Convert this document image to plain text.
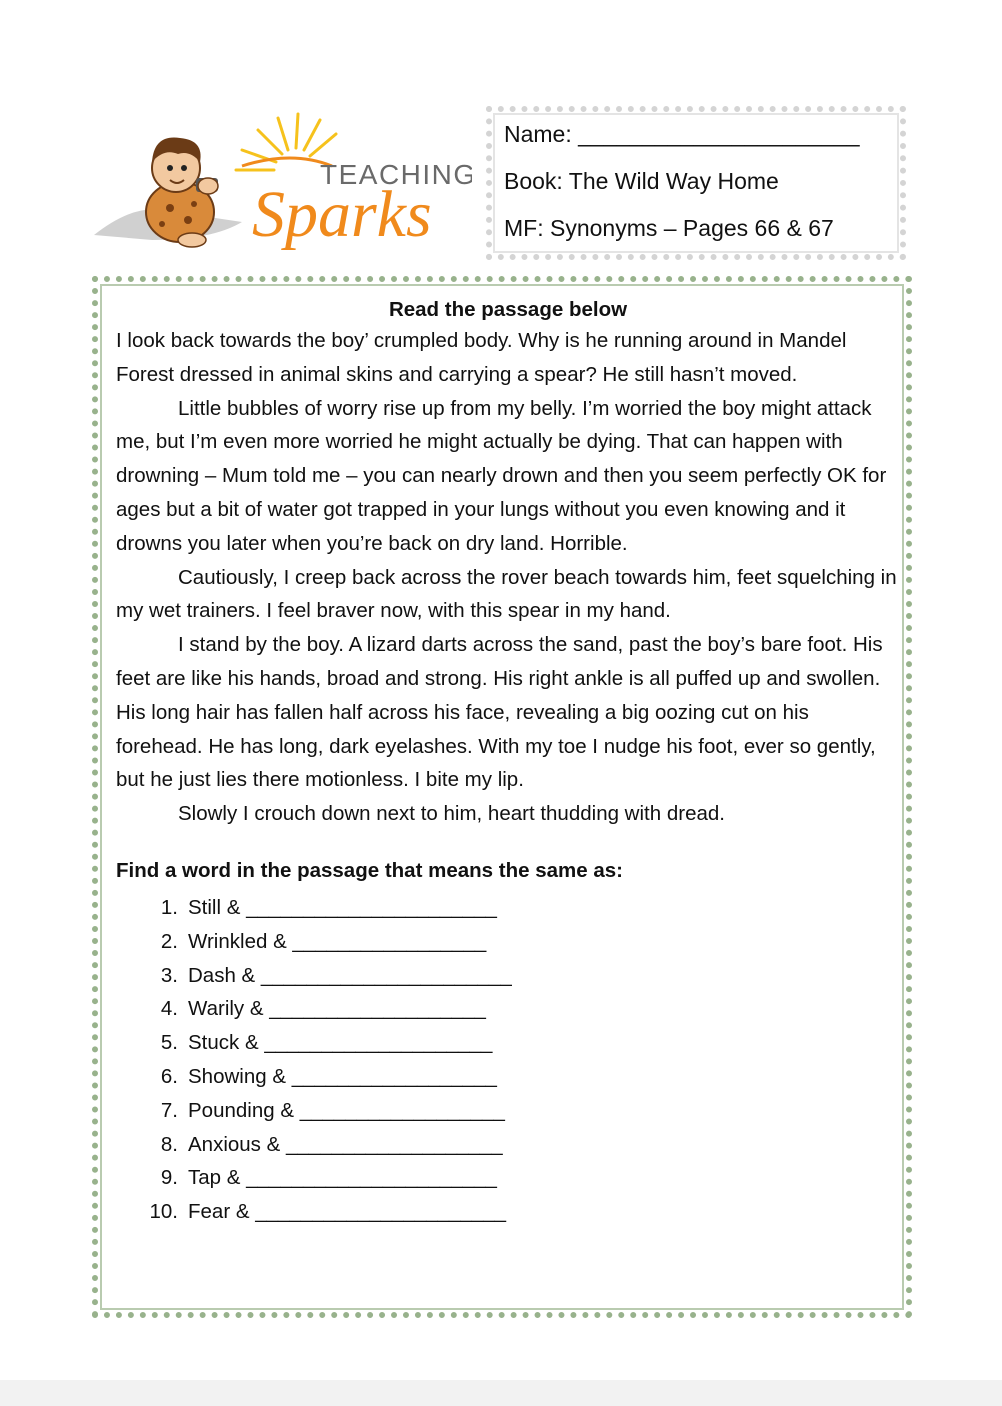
TEACHING
Sparks
Name: ______________________
Book: The Wild Way Home
MF: Synonyms – Pages 66 & 67

Read the passage below

I look back towards the boy’ crumpled body. Why is he running around in Mandel Forest dressed in animal skins and carrying a spear? He still hasn’t moved.

Little bubbles of worry rise up from my belly. I’m worried the boy might attack me, but I’m even more worried he might actually be dying. That can happen with drowning – Mum told me – you can nearly drown and then you seem perfectly OK for ages but a bit of water got trapped in your lungs without you even knowing and it drowns you later when you’re back on dry land. Horrible.

Cautiously, I creep back across the rover beach towards him, feet squelching in my wet trainers. I feel braver now, with this spear in my hand.

I stand by the boy. A lizard darts across the sand, past the boy’s bare foot. His feet are like his hands, broad and strong. His right ankle is all puffed up and swollen. His long hair has fallen half across his face, revealing a big oozing cut on his forehead. He has long, dark eyelashes. With my toe I nudge his foot, ever so gently, but he just lies there motionless. I bite my lip.

Slowly I crouch down next to him, heart thudding with dread.

Find a word in the passage that means the same as:

1. Still & ______________________
2. Wrinkled & _________________
3. Dash & ______________________
4. Warily & ___________________
5. Stuck & ____________________
6. Showing & __________________
7. Pounding & __________________
8. Anxious & ___________________
9. Tap & ______________________
10. Fear & ______________________
